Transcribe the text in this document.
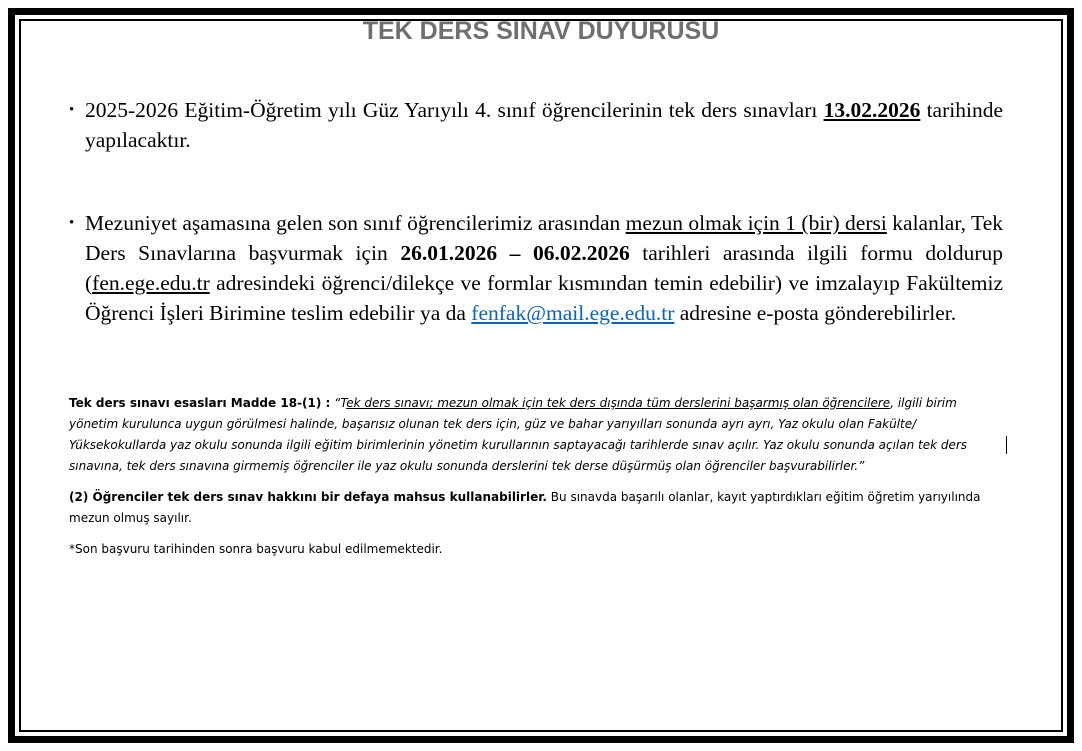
TEK DERS SINAV DUYURUSU
• 2025-2026 Eğitim-Öğretim yılı Güz Yarıyılı 4. sınıf öğrencilerinin tek ders sınavları 13.02.2026 tarihinde yapılacaktır.
• Mezuniyet aşamasına gelen son sınıf öğrencilerimiz arasından mezun olmak için 1 (bir) dersi kalanlar, Tek Ders Sınavlarına başvurmak için 26.01.2026 – 06.02.2026 tarihleri arasında ilgili formu doldurup (fen.ege.edu.tr adresindeki öğrenci/dilekçe ve formlar kısmından temin edebilir) ve imzalayıp Fakültemiz Öğrenci İşleri Birimine teslim edebilir ya da fenfak@mail.ege.edu.tr adresine e-posta gönderebilirler.

Tek ders sınavı esasları Madde 18-(1) : “Tek ders sınavı; mezun olmak için tek ders dışında tüm derslerini başarmış olan öğrencilere, ilgili birim yönetim kurulunca uygun görülmesi halinde, başarısız olunan tek ders için, güz ve bahar yarıyılları sonunda ayrı ayrı, Yaz okulu olan Fakülte/ Yüksekokullarda yaz okulu sonunda ilgili eğitim birimlerinin yönetim kurullarının saptayacağı tarihlerde sınav açılır. Yaz okulu sonunda açılan tek ders sınavına, tek ders sınavına girmemiş öğrenciler ile yaz okulu sonunda derslerini tek derse düşürmüş olan öğrenciler başvurabilirler.”

(2) Öğrenciler tek ders sınav hakkını bir defaya mahsus kullanabilirler. Bu sınavda başarılı olanlar, kayıt yaptırdıkları eğitim öğretim yarıyılında mezun olmuş sayılır.

*Son başvuru tarihinden sonra başvuru kabul edilmemektedir.
